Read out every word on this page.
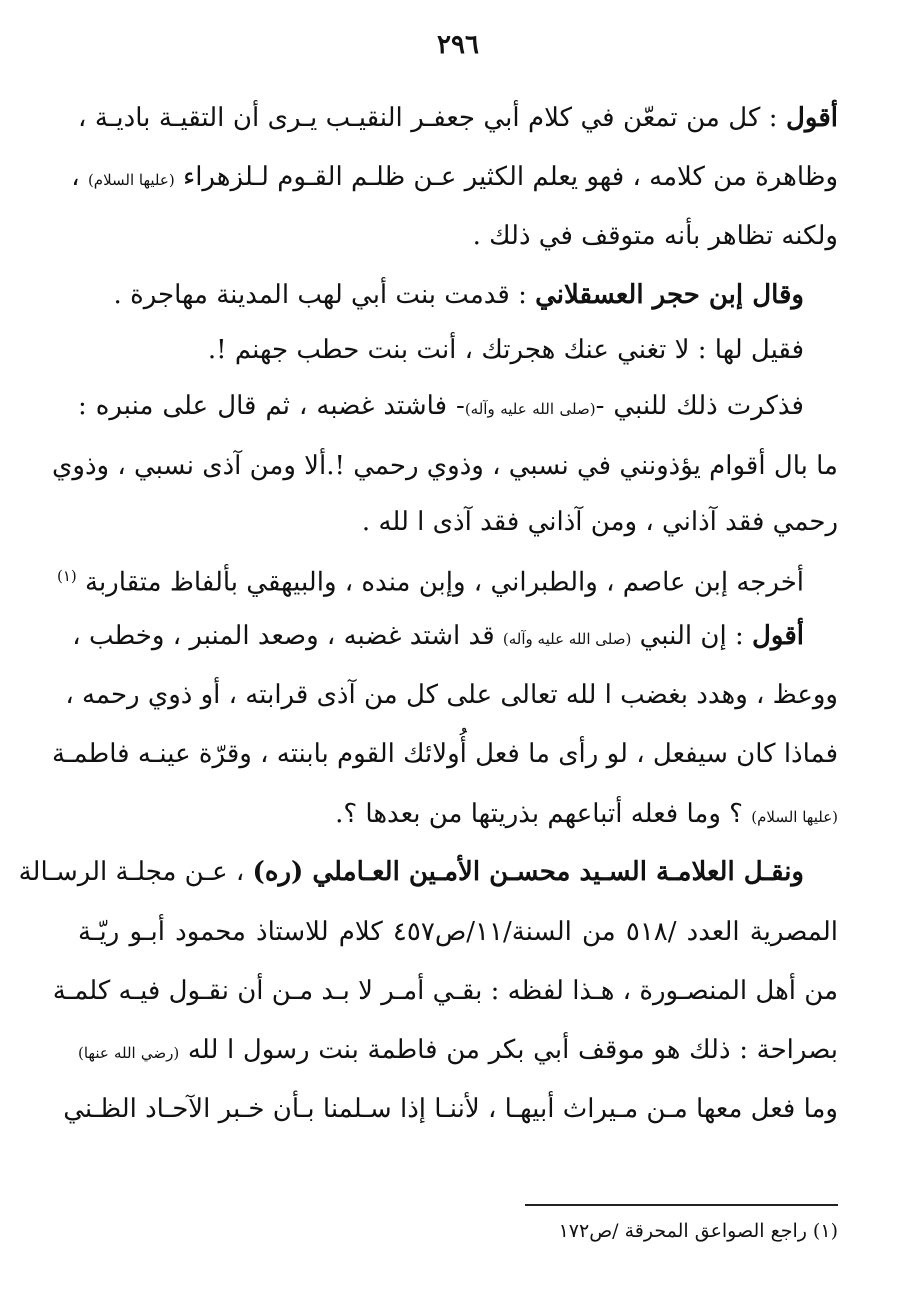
٢٩٦
أقول : كل من تمعّن في كلام أبي جعفـر النقيـب يـرى أن التقيـة باديـة ،
وظاهرة من كلامه ، فهو يعلم الكثير عـن ظلـم القـوم لـلزهراء (عليها السلام) ،
ولكنه تظاهر بأنه متوقف في ذلك .
وقال إبن حجر العسقلاني : قدمت بنت أبي لهب المدينة مهاجرة .
فقيل لها : لا تغني عنك هجرتك ، أنت بنت حطب جهنم !.
فذكرت ذلك للنبي -(صلى الله عليه وآله)- فاشتد غضبه ، ثم قال على منبره :
ما بال أقوام يؤذونني في نسبي ، وذوي رحمي !.ألا ومن آذى نسبي ، وذوي
رحمي فقد آذاني ، ومن آذاني فقد آذى ا لله .
أخرجه إبن عاصم ، والطبراني ، وإبن منده ، والبيهقي بألفاظ متقاربة $^{(١)}$
أقول : إن النبي (صلى الله عليه وآله) قد اشتد غضبه ، وصعد المنبر ، وخطب ،
ووعظ ، وهدد بغضب ا لله تعالى على كل من آذى قرابته ، أو ذوي رحمه ،
فماذا كان سيفعل ، لو رأى ما فعل أُولائك القوم بابنته ، وقرّة عينـه فاطمـة
(عليها السلام) ؟ وما فعله أتباعهم بذريتها من بعدها ؟.
ونقـل العلامـة السـيد محسـن الأمـين العـاملي (ره) ، عـن مجلـة الرسـالة
المصرية العدد /٥١٨ من السنة/١١/ص٤٥٧ كلام للاستاذ محمود أبـو ريّـة
من أهل المنصـورة ، هـذا لفظه : بقـي أمـر لا بـد مـن أن نقـول فيـه كلمـة
بصراحة : ذلك هو موقف أبي بكر من فاطمة بنت رسول ا لله (رضي الله عنها)
وما فعل معها مـن مـيراث أبيهـا ، لأننـا إذا سـلمنا بـأن خـبر الآحـاد الظـني
(١) راجع الصواعق المحرقة /ص١٧٢
